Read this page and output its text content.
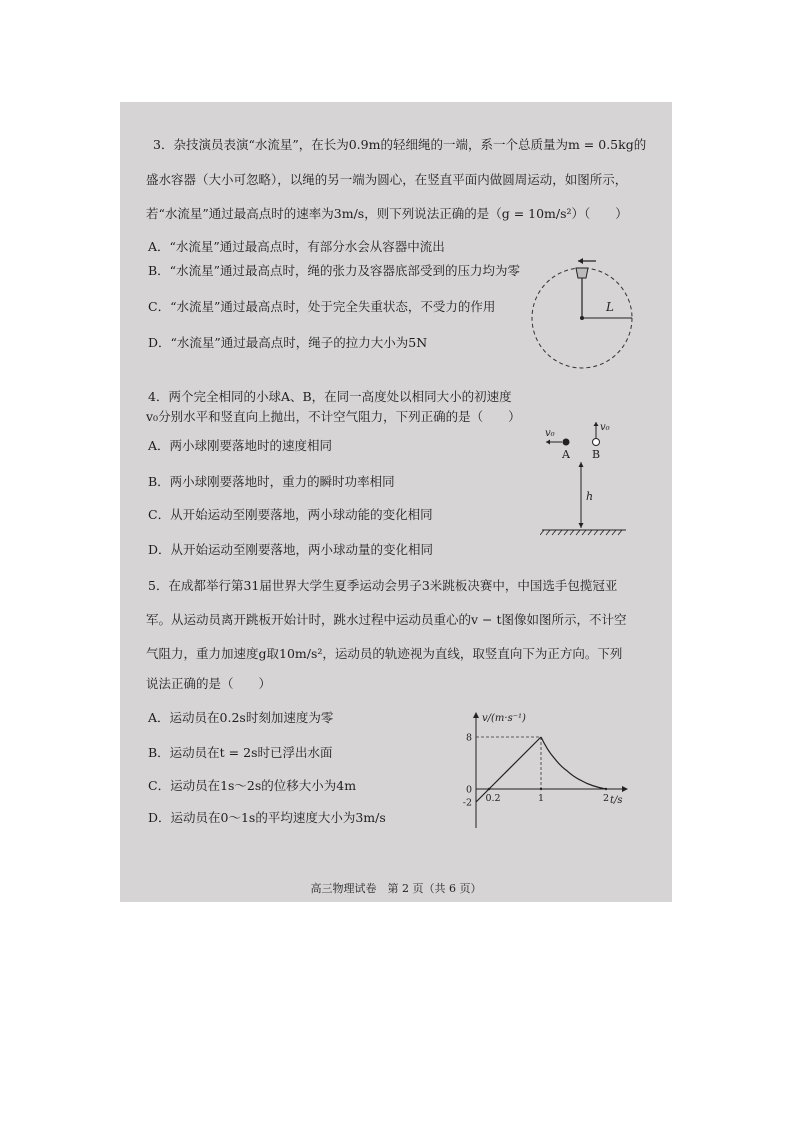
3．杂技演员表演“水流星”，在长为0.9m的轻细绳的一端，系一个总质量为m = 0.5kg的
盛水容器（大小可忽略），以绳的另一端为圆心，在竖直平面内做圆周运动，如图所示，
若“水流星”通过最高点时的速率为3m/s，则下列说法正确的是（g = 10m/s²）（　　）
A．“水流星”通过最高点时，有部分水会从容器中流出
B．“水流星”通过最高点时，绳的张力及容器底部受到的压力均为零
C．“水流星”通过最高点时，处于完全失重状态，不受力的作用
D．“水流星”通过最高点时，绳子的拉力大小为5N
L
4．两个完全相同的小球A、B，在同一高度处以相同大小的初速度
v₀分别水平和竖直向上抛出，不计空气阻力，下列正确的是（　　）
A．两小球刚要落地时的速度相同
B．两小球刚要落地时，重力的瞬时功率相同
C．从开始运动至刚要落地，两小球动能的变化相同
D．从开始运动至刚要落地，两小球动量的变化相同
v₀
A
v₀
B
h
5．在成都举行第31届世界大学生夏季运动会男子3米跳板决赛中，中国选手包揽冠亚
军。从运动员离开跳板开始计时，跳水过程中运动员重心的v − t图像如图所示，不计空
气阻力，重力加速度g取10m/s²，运动员的轨迹视为直线，取竖直向下为正方向。下列
说法正确的是（　　）
A．运动员在0.2s时刻加速度为零
B．运动员在t = 2s时已浮出水面
C．运动员在1s～2s的位移大小为4m
D．运动员在0～1s的平均速度大小为3m/s
8
0
-2 0.2	1	2
v/(m·s⁻¹)
t/s
高三物理试卷　第 2 页（共 6 页）
